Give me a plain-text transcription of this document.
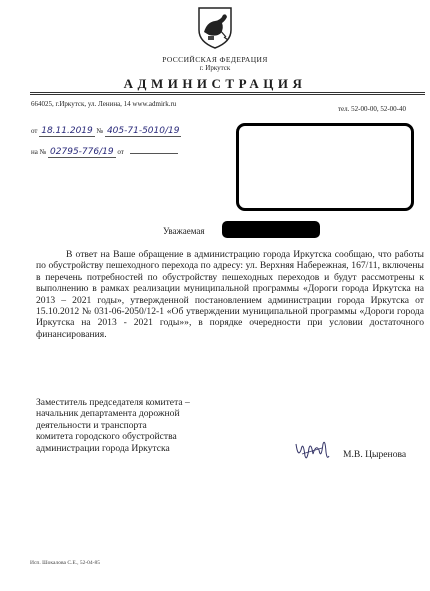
РОССИЙСКАЯ ФЕДЕРАЦИЯ
г. Иркутск
АДМИНИСТРАЦИЯ
664025, г.Иркутск, ул. Ленина, 14 www.admirk.ru
тел. 52-00-00, 52-00-40
от 18.11.2019 № 405-71-5010/19
на № 02795-776/19 от
Уважаемая

В ответ на Ваше обращение в администрацию города Иркутска сообщаю, что работы по обустройству пешеходного перехода по адресу: ул. Верхняя Набережная, 167/11, включены в перечень потребностей по обустройству пешеходных переходов и будут рассмотрены к выполнению в рамках реализации муниципальной программы «Дороги города Иркутска на 2013 – 2021 годы», утвержденной постановлением администрации города Иркутска от 15.10.2012 № 031-06-2050/12-1 «Об утверждении муниципальной программы «Дороги города Иркутска на 2013 - 2021 годы»», в порядке очередности при условии достаточного финансирования.

Заместитель председателя комитета –
начальник департамента дорожной
деятельности и транспорта
комитета городского обустройства
администрации города Иркутска
М.В. Цыренова
Исп. Шокалова С.Е., 52-04-85
